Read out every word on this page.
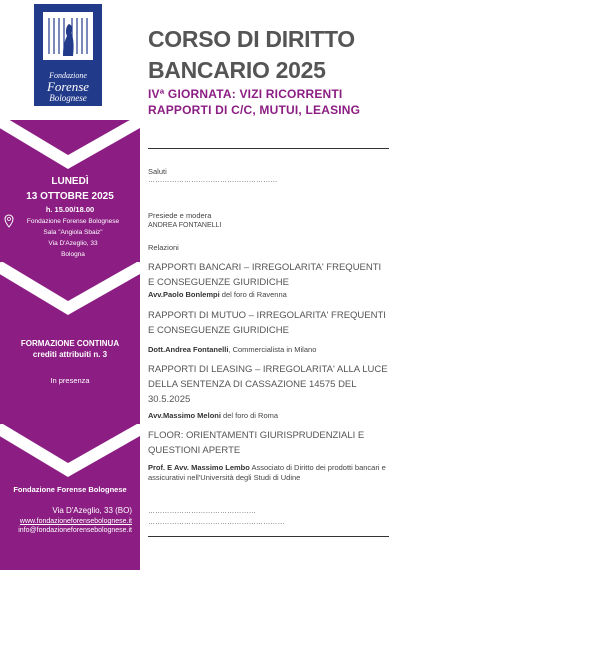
Fondazione
Forense
Bolognese
LUNEDÌ
13 OTTOBRE 2025
h. 15.00/18.00
Fondazione Forense Bolognese
Sala "Angiola Sbaiz"
Via D'Azeglio, 33
Bologna
FORMAZIONE CONTINUA
crediti attribuiti n. 3
In presenza
Fondazione Forense Bolognese
Via D'Azeglio, 33 (BO)
www.fondazioneforensebolognese.it
info@fondazioneforensebolognese.it
CORSO DI DIRITTO
BANCARIO 2025
IVª GIORNATA: VIZI RICORRENTI
RAPPORTI DI C/C, MUTUI, LEASING
Saluti
………………………………………………
Presiede e modera
ANDREA FONTANELLI
Relazioni
RAPPORTI BANCARI – IRREGOLARITA' FREQUENTI E CONSEGUENZE GIURIDICHE
Avv.Paolo Bonlempi del foro di Ravenna
RAPPORTI DI MUTUO – IRREGOLARITA' FREQUENTI E CONSEGUENZE GIURIDICHE
Dott.Andrea Fontanelli, Commercialista in Milano
RAPPORTI DI LEASING – IRREGOLARITA' ALLA LUCE DELLA SENTENZA DI CASSAZIONE 14575 DEL 30.5.2025
Avv.Massimo Meloni del foro di Roma
FLOOR: ORIENTAMENTI GIURISPRUDENZIALI E QUESTIONI APERTE
Prof. E Avv. Massimo Lembo Associato di Diritto dei prodotti bancari e assicurativi nell'Università degli Studi di Udine
………………………………………
…………………………………………………
